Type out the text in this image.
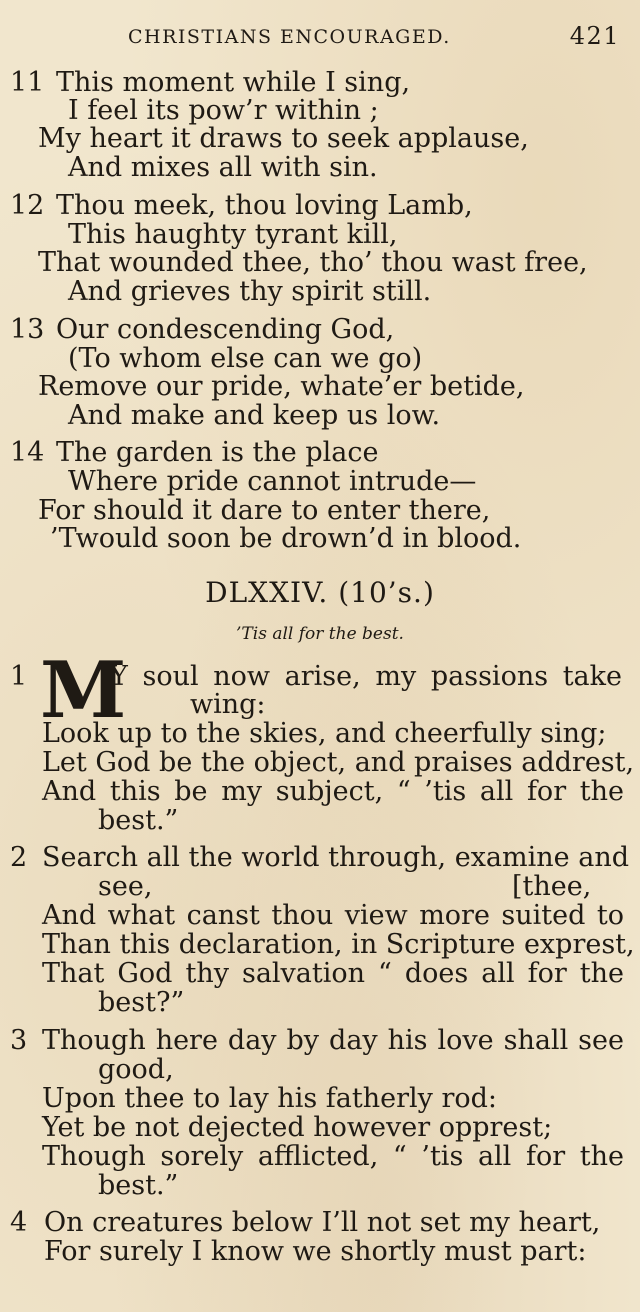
CHRISTIANS ENCOURAGED.	421
11 This moment while I sing,
I feel its pow’r within ;
My heart it draws to seek applause,
And mixes all with sin.
12 Thou meek, thou loving Lamb,
This haughty tyrant kill,
That wounded thee, tho’ thou wast free,
And grieves thy spirit still.
13 Our condescending God,
(To whom else can we go)
Remove our pride, whate’er betide,
And make and keep us low.
14 The garden is the place
Where pride cannot intrude—
For should it dare to enter there,
’Twould soon be drown’d in blood.
DLXXIV. (10’s.)
’Tis all for the best.
1 M
Y soul now arise, my passions take
wing:
Look up to the skies, and cheerfully sing;
Let God be the object, and praises addrest,
And this be my subject, “ ’tis all for the
best.”
2 Search all the world through, examine and
see,	[thee,
And what canst thou view more suited to
Than this declaration, in Scripture exprest,
That God thy salvation “ does all for the
best?”
3 Though here day by day his love shall see
good,
Upon thee to lay his fatherly rod:
Yet be not dejected however opprest;
Though sorely afflicted, “ ’tis all for the
best.”
4 On creatures below I’ll not set my heart,
For surely I know we shortly must part:
